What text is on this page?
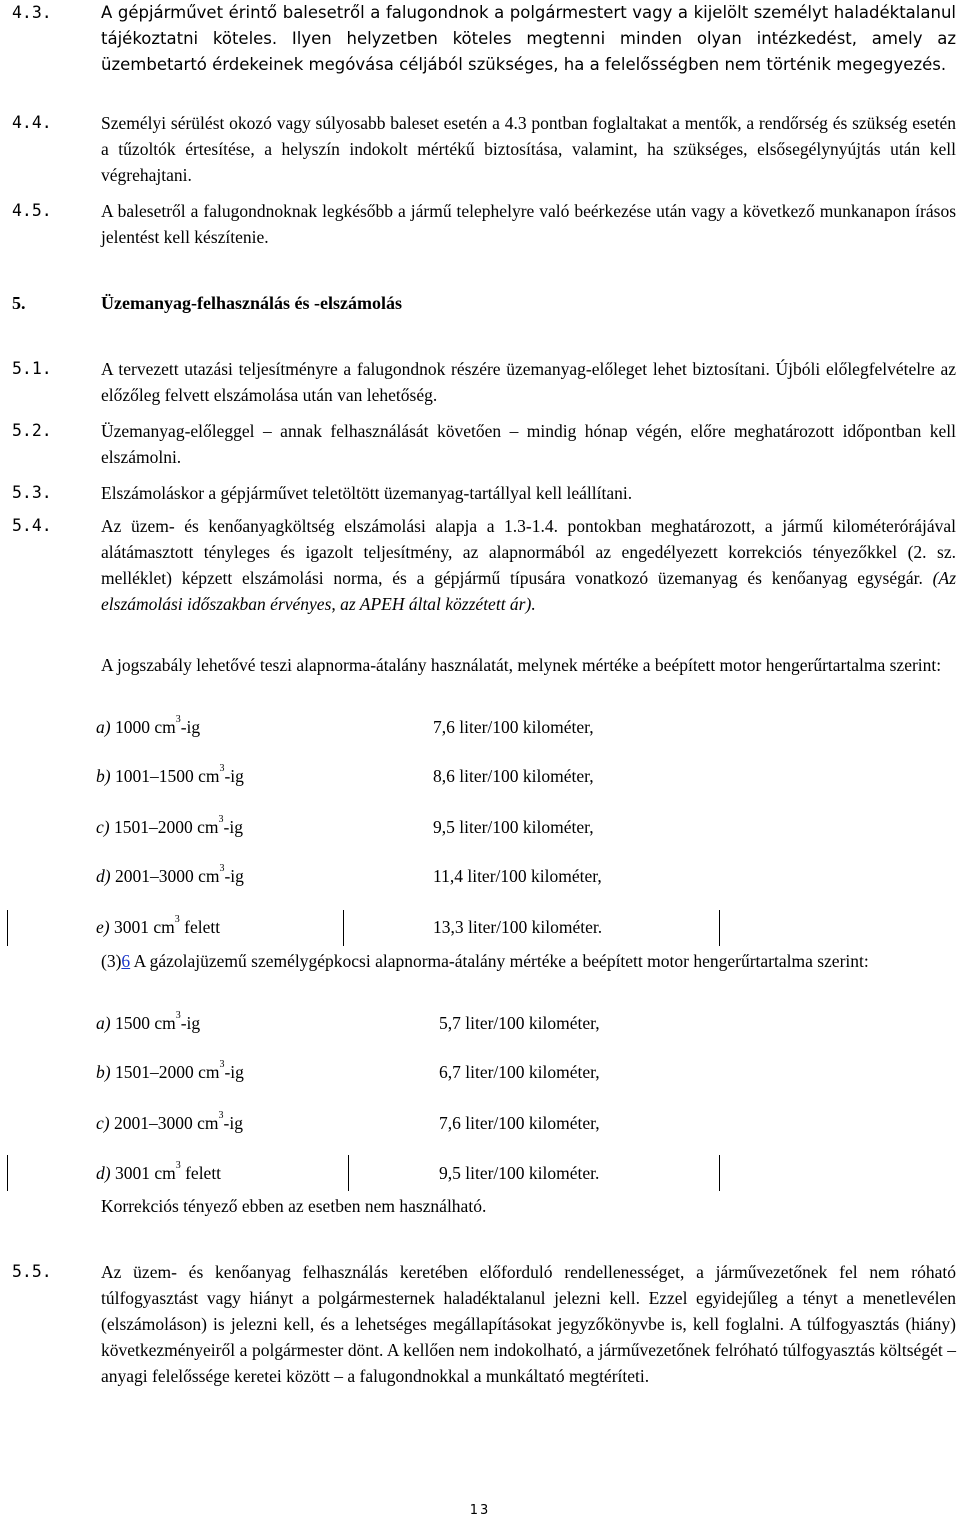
4.3.	A gépjárművet érintő balesetről a falugondnok a polgármestert vagy a kijelölt személyt haladéktalanul tájékoztatni köteles. Ilyen helyzetben köteles megtenni minden olyan intézkedést, amely az üzembetartó érdekeinek megóvása céljából szükséges, ha a felelősségben nem történik megegyezés.
4.4.	Személyi sérülést okozó vagy súlyosabb baleset esetén a 4.3 pontban foglaltakat a mentők, a rendőrség és szükség esetén a tűzoltók értesítése, a helyszín indokolt mértékű biztosítása, valamint, ha szükséges, elsősegélynyújtás után kell végrehajtani.
4.5.	A balesetről a falugondnoknak legkésőbb a jármű telephelyre való beérkezése után vagy a következő munkanapon írásos jelentést kell készítenie.
5.	Üzemanyag-felhasználás és -elszámolás
5.1.	A tervezett utazási teljesítményre a falugondnok részére üzemanyag-előleget lehet biztosítani. Újbóli előlegfelvételre az előzőleg felvett elszámolása után van lehetőség.
5.2.	Üzemanyag-előleggel – annak felhasználását követően – mindig hónap végén, előre meghatározott időpontban kell elszámolni.
5.3.	Elszámoláskor a gépjárművet teletöltött üzemanyag-tartállyal kell leállítani.
5.4.	Az üzem- és kenőanyagköltség elszámolási alapja a 1.3-1.4. pontokban meghatározott, a jármű kilométerórájával alátámasztott tényleges és igazolt teljesítmény, az alapnormából az engedélyezett korrekciós tényezőkkel (2. sz. melléklet) képzett elszámolási norma, és a gépjármű típusára vonatkozó üzemanyag és kenőanyag egységár. (Az elszámolási időszakban érvényes, az APEH által közzétett ár).
A jogszabály lehetővé teszi alapnorma-átalány használatát, melynek mértéke a beépített motor hengerűrtartalma szerint:
a) 1000 $cm^3-ig$	7,6 liter/100 kilométer,
b) 1001–1500 $cm^3-ig$	8,6 liter/100 kilométer,
c) 1501–2000 $cm^3-ig$	9,5 liter/100 kilométer,
d) 2001–3000 $cm^3-ig$	11,4 liter/100 kilométer,
e) 3001 $cm^3$ felett	13,3 liter/100 kilométer.
(3)6 A gázolajüzemű személygépkocsi alapnorma-átalány mértéke a beépített motor hengerűrtartalma szerint:
a) 1500 $cm^3-ig$	5,7 liter/100 kilométer,
b) 1501–2000 $cm^3-ig$	6,7 liter/100 kilométer,
c) 2001–3000 $cm^3-ig$	7,6 liter/100 kilométer,
d) 3001 $cm^3$ felett	9,5 liter/100 kilométer.
Korrekciós tényező ebben az esetben nem használható.
5.5.	Az üzem- és kenőanyag felhasználás keretében előforduló rendellenességet, a járművezetőnek fel nem róható túlfogyasztást vagy hiányt a polgármesternek haladéktalanul jelezni kell. Ezzel egyidejűleg a tényt a menetlevélen (elszámoláson) is jelezni kell, és a lehetséges megállapításokat jegyzőkönyvbe is, kell foglalni. A túlfogyasztás (hiány) következményeiről a polgármester dönt. A kellően nem indokolható, a járművezetőnek felróható túlfogyasztás költségét – anyagi felelőssége keretei között – a falugondnokkal a munkáltató megtéríteti.
13
